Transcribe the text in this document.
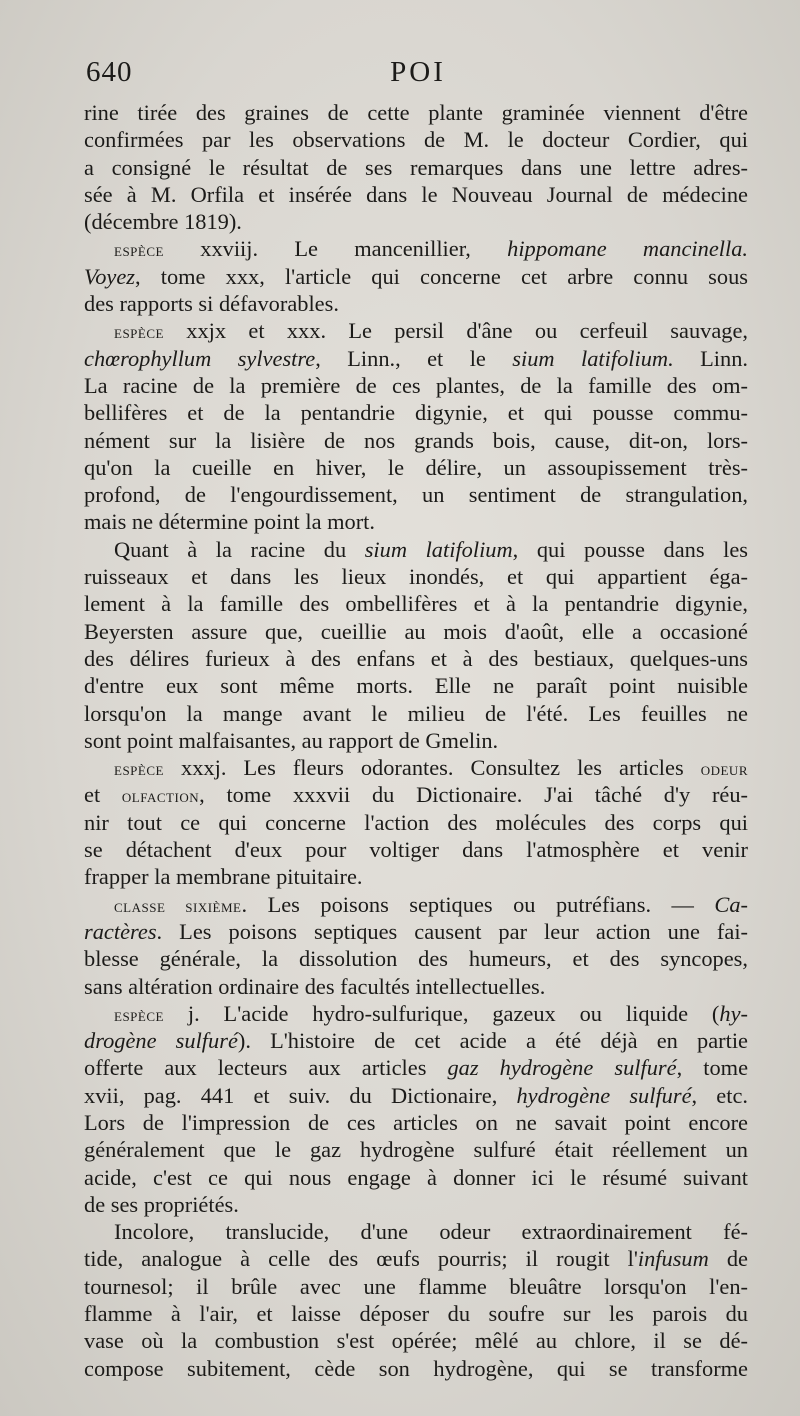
640	POI
rine tirée des graines de cette plante graminée viennent d'être
confirmées par les observations de M. le docteur Cordier, qui
a consigné le résultat de ses remarques dans une lettre adres-
sée à M. Orfila et insérée dans le Nouveau Journal de médecine
(décembre 1819).
espèce xxviij. Le mancenillier, hippomane mancinella.
Voyez, tome xxx, l'article qui concerne cet arbre connu sous
des rapports si défavorables.
espèce xxjx et xxx. Le persil d'âne ou cerfeuil sauvage,
chœrophyllum sylvestre, Linn., et le sium latifolium. Linn.
La racine de la première de ces plantes, de la famille des om-
bellifères et de la pentandrie digynie, et qui pousse commu-
nément sur la lisière de nos grands bois, cause, dit-on, lors-
qu'on la cueille en hiver, le délire, un assoupissement très-
profond, de l'engourdissement, un sentiment de strangulation,
mais ne détermine point la mort.
Quant à la racine du sium latifolium, qui pousse dans les
ruisseaux et dans les lieux inondés, et qui appartient éga-
lement à la famille des ombellifères et à la pentandrie digynie,
Beyersten assure que, cueillie au mois d'août, elle a occasioné
des délires furieux à des enfans et à des bestiaux, quelques-uns
d'entre eux sont même morts. Elle ne paraît point nuisible
lorsqu'on la mange avant le milieu de l'été. Les feuilles ne
sont point malfaisantes, au rapport de Gmelin.
espèce xxxj. Les fleurs odorantes. Consultez les articles odeur
et olfaction, tome xxxvii du Dictionaire. J'ai tâché d'y réu-
nir tout ce qui concerne l'action des molécules des corps qui
se détachent d'eux pour voltiger dans l'atmosphère et venir
frapper la membrane pituitaire.
classe sixième. Les poisons septiques ou putréfians. — Ca-
ractères. Les poisons septiques causent par leur action une fai-
blesse générale, la dissolution des humeurs, et des syncopes,
sans altération ordinaire des facultés intellectuelles.
espèce j. L'acide hydro-sulfurique, gazeux ou liquide (hy-
drogène sulfuré). L'histoire de cet acide a été déjà en partie
offerte aux lecteurs aux articles gaz hydrogène sulfuré, tome
xvii, pag. 441 et suiv. du Dictionaire, hydrogène sulfuré, etc.
Lors de l'impression de ces articles on ne savait point encore
généralement que le gaz hydrogène sulfuré était réellement un
acide, c'est ce qui nous engage à donner ici le résumé suivant
de ses propriétés.
Incolore, translucide, d'une odeur extraordinairement fé-
tide, analogue à celle des œufs pourris; il rougit l'infusum de
tournesol; il brûle avec une flamme bleuâtre lorsqu'on l'en-
flamme à l'air, et laisse déposer du soufre sur les parois du
vase où la combustion s'est opérée; mêlé au chlore, il se dé-
compose subitement, cède son hydrogène, qui se transforme
